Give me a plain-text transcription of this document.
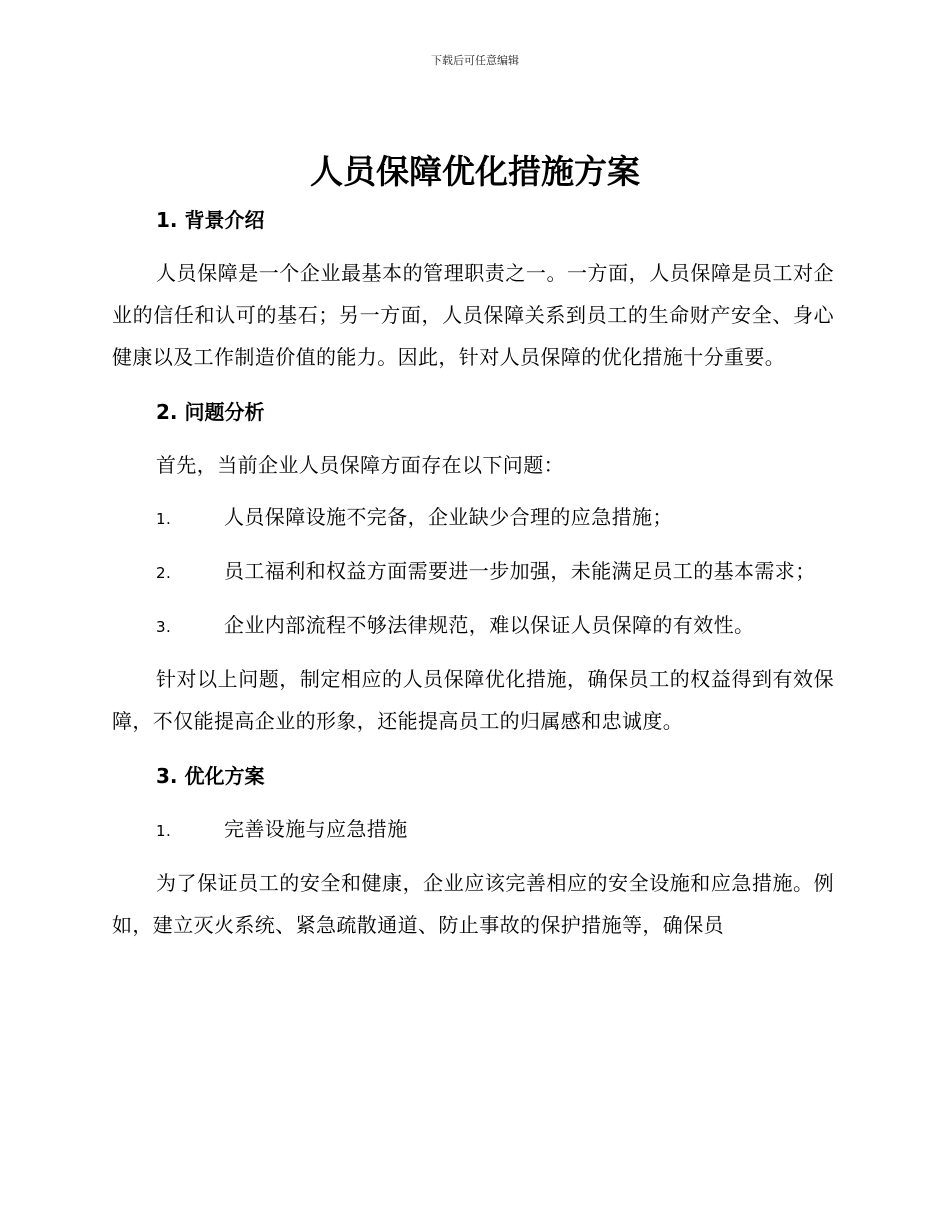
下载后可任意编辑
人员保障优化措施方案
1. 背景介绍

人员保障是一个企业最基本的管理职责之一。一方面，人员保障是员工对企业的信任和认可的基石；另一方面，人员保障关系到员工的生命财产安全、身心健康以及工作制造价值的能力。因此，针对人员保障的优化措施十分重要。

2. 问题分析

首先，当前企业人员保障方面存在以下问题：

1.	人员保障设施不完备，企业缺少合理的应急措施；

2.	员工福利和权益方面需要进一步加强，未能满足员工的基本需求；

3.	企业内部流程不够法律规范，难以保证人员保障的有效性。

针对以上问题，制定相应的人员保障优化措施，确保员工的权益得到有效保障，不仅能提高企业的形象，还能提高员工的归属感和忠诚度。

3. 优化方案

1.	完善设施与应急措施

为了保证员工的安全和健康，企业应该完善相应的安全设施和应急措施。例如，建立灭火系统、紧急疏散通道、防止事故的保护措施等，确保员
